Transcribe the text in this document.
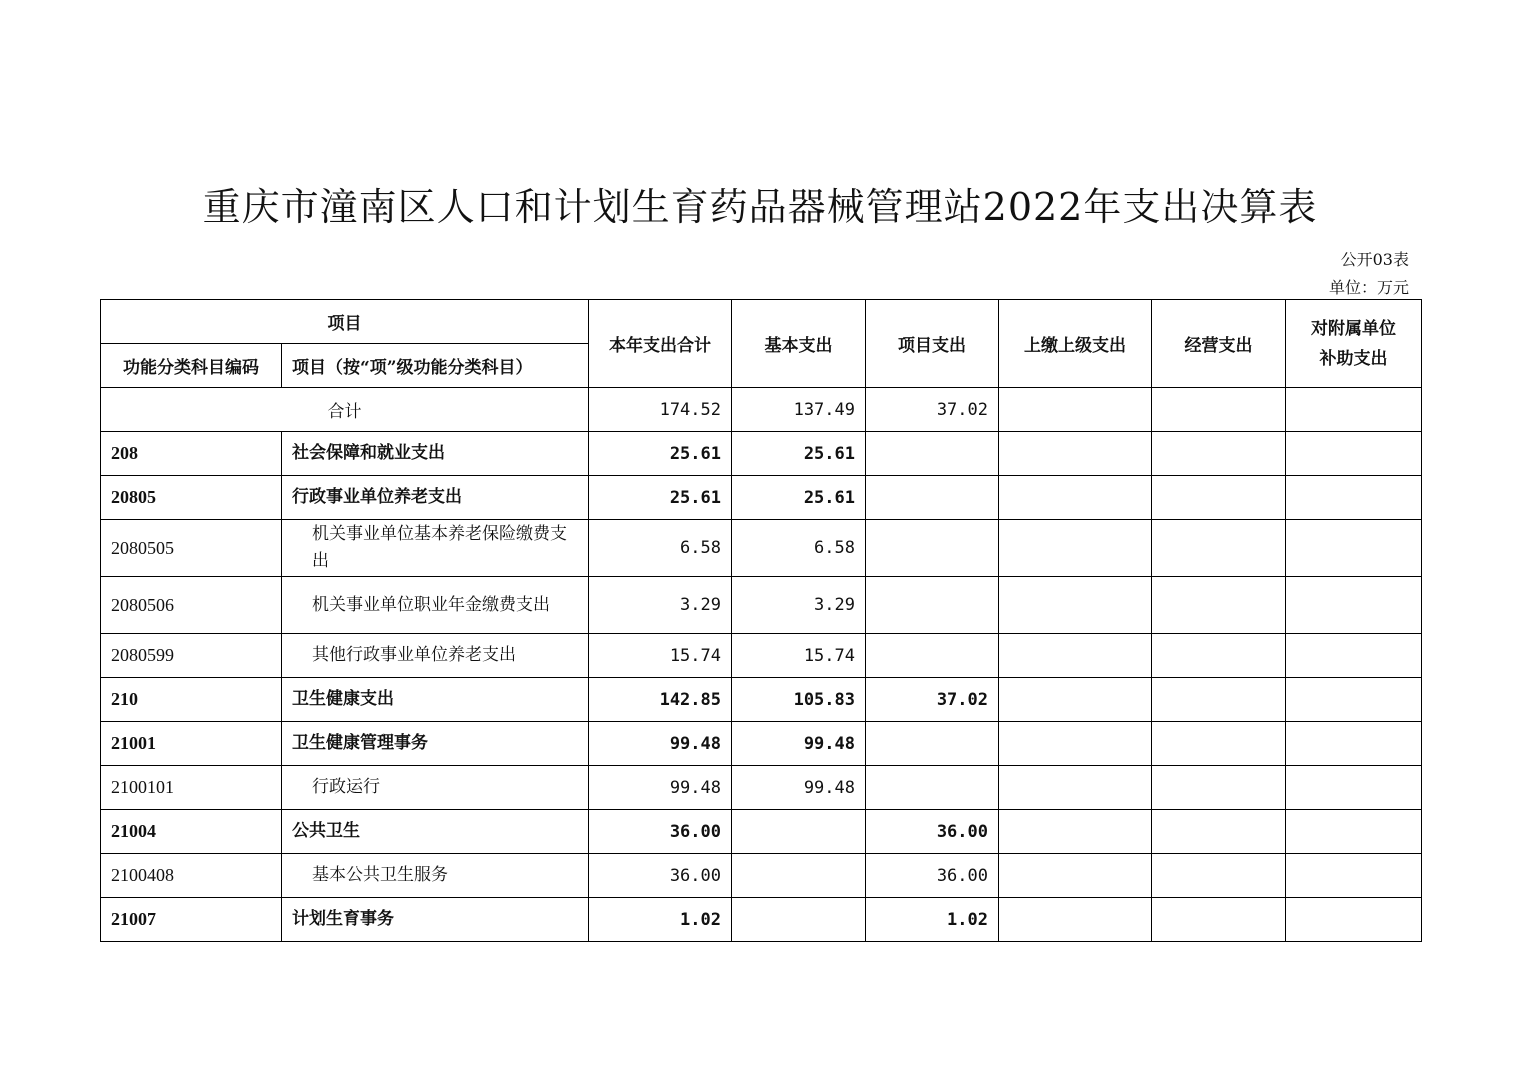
重庆市潼南区人口和计划生育药品器械管理站2022年支出决算表
公开03表
单位：万元
项目		本年支出合计	基本支出	项目支出	上缴上级支出	经营支出	对附属单位
补助支出
功能分类科目编码	项目（按“项”级功能分类科目）						
合计		174.52	137.49	37.02			
208	社会保障和就业支出	25.61	25.61				
20805	行政事业单位养老支出	25.61	25.61				
2080505	机关事业单位基本养老保险缴费支出	6.58	6.58				
2080506	机关事业单位职业年金缴费支出	3.29	3.29				
2080599	其他行政事业单位养老支出	15.74	15.74				
210	卫生健康支出	142.85	105.83	37.02			
21001	卫生健康管理事务	99.48	99.48				
2100101	行政运行	99.48	99.48				
21004	公共卫生	36.00		36.00			
2100408	基本公共卫生服务	36.00		36.00			
21007	计划生育事务	1.02		1.02			
